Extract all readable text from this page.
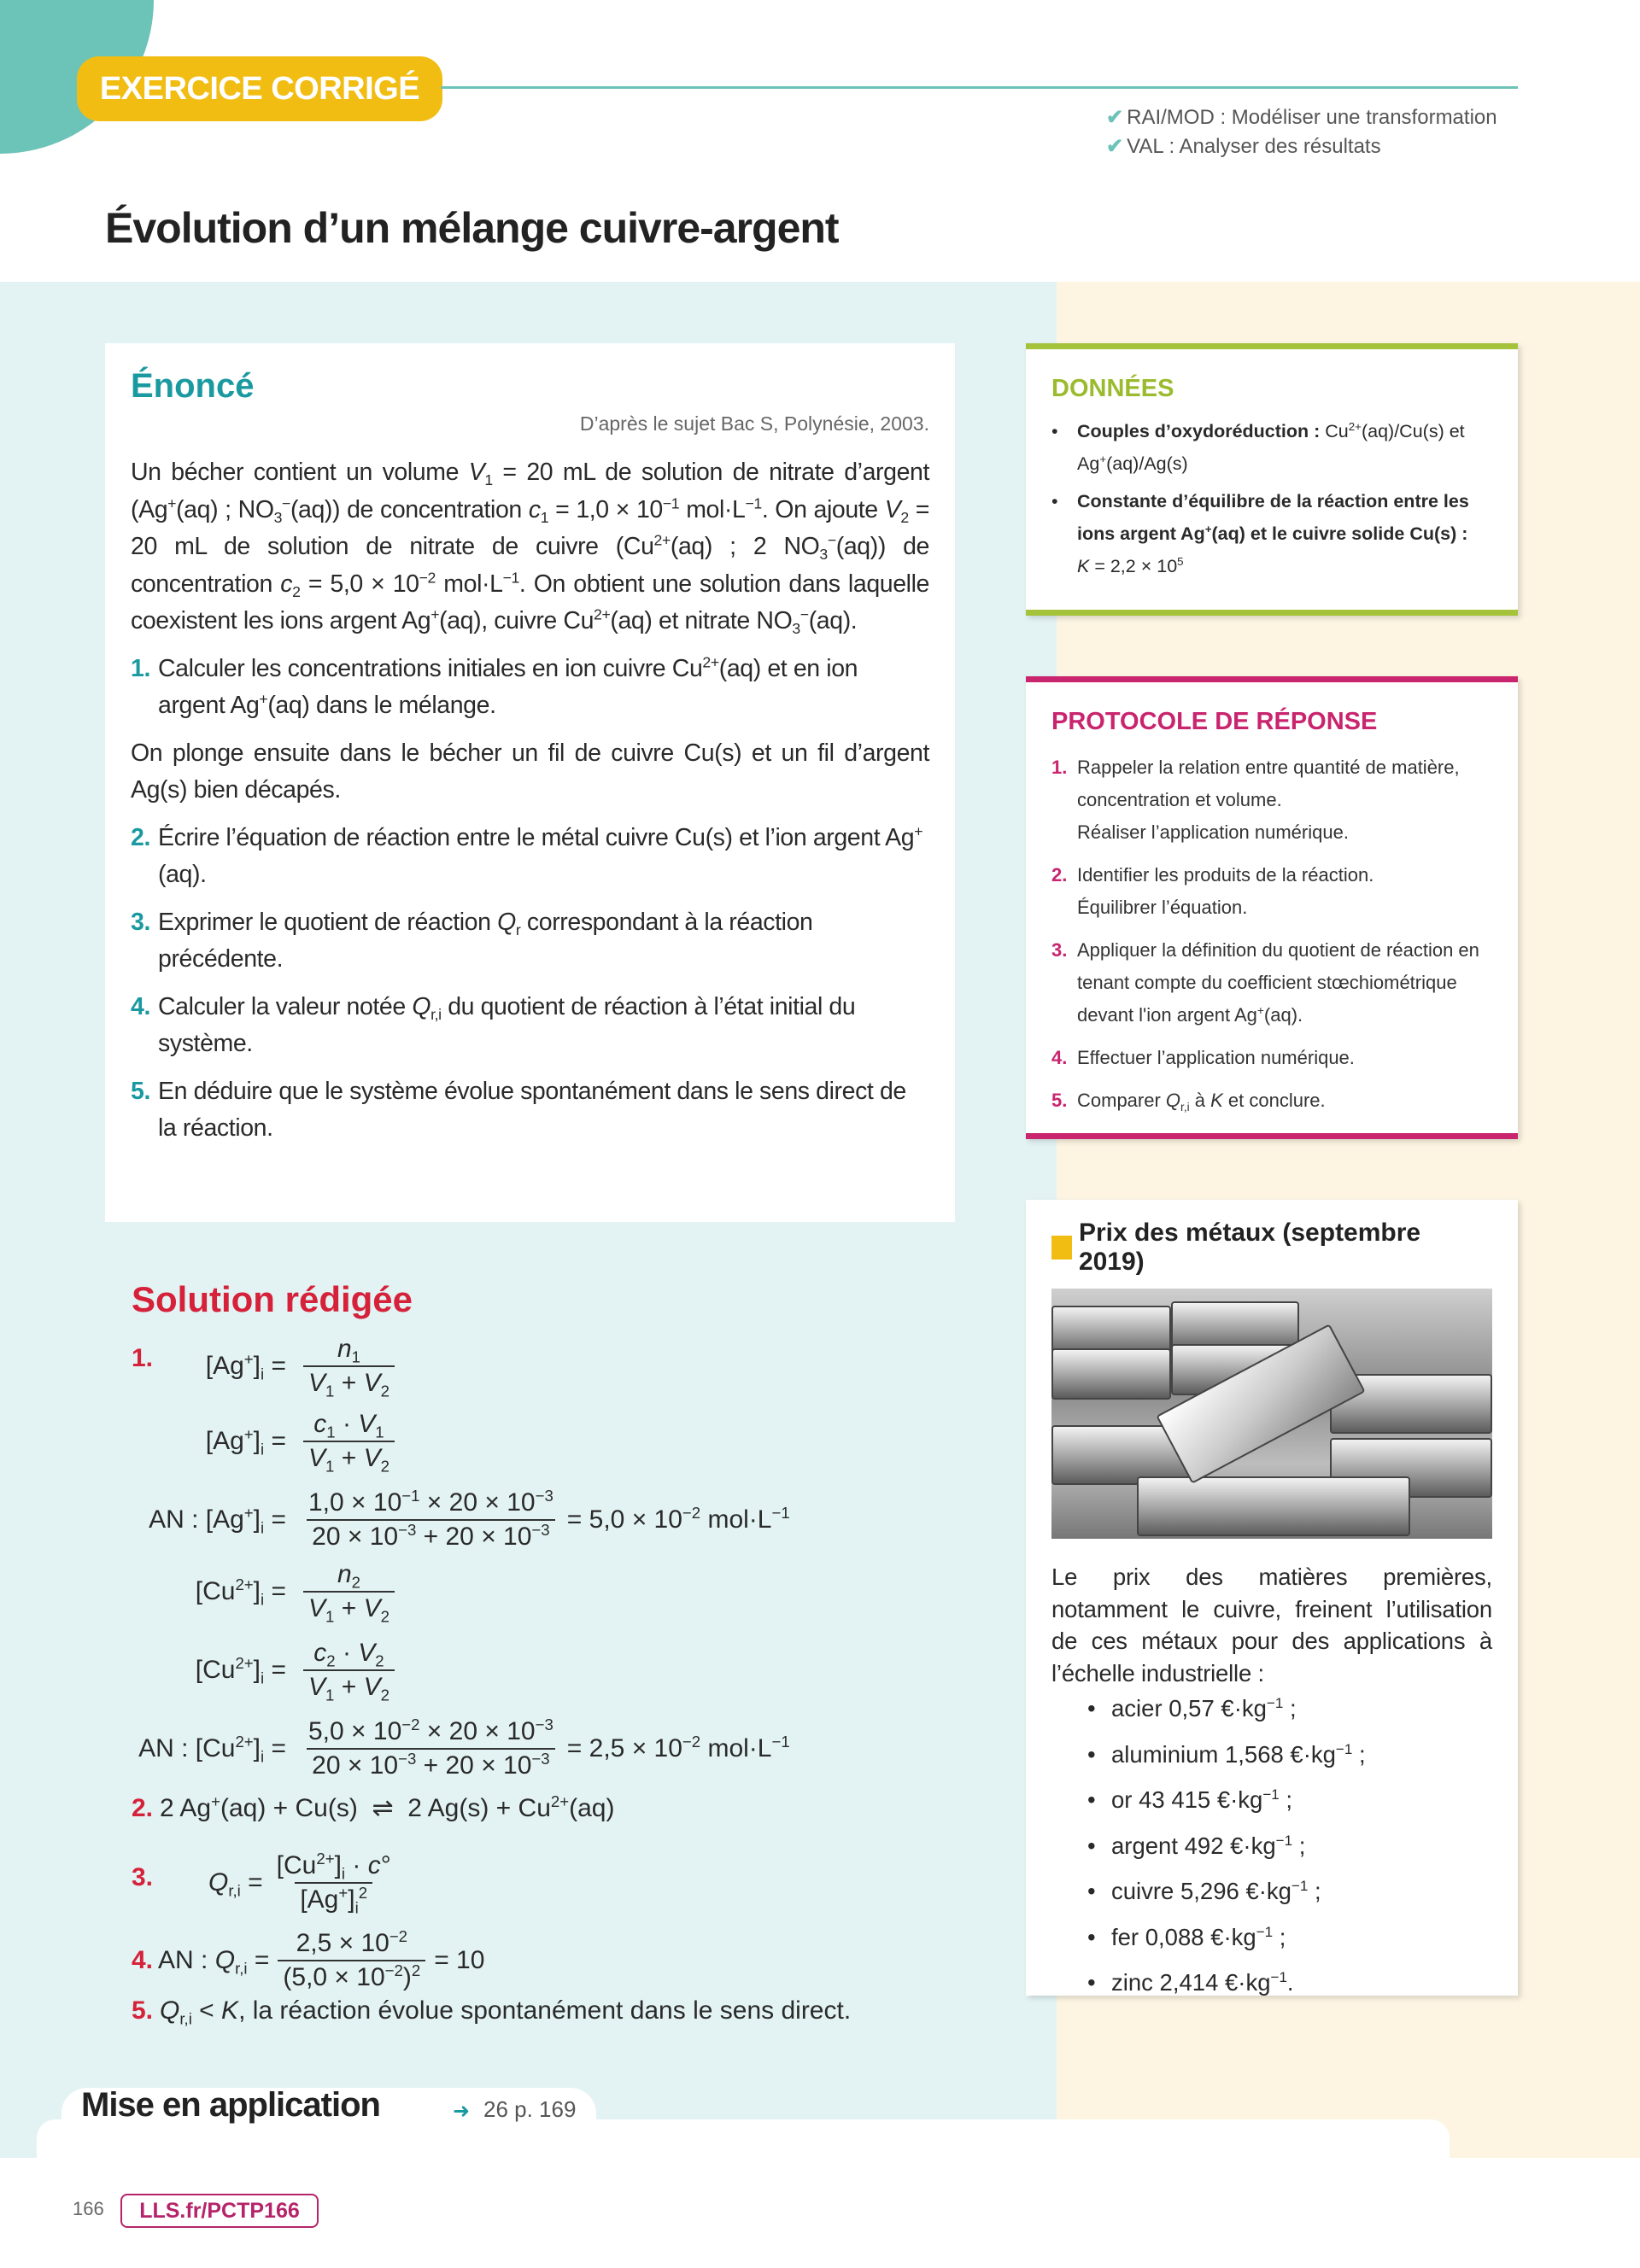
EXERCICE CORRIGÉ
✔ RAI/MOD : Modéliser une transformation
✔ VAL : Analyser des résultats
Évolution d’un mélange cuivre-argent
Énoncé
D’après le sujet Bac S, Polynésie, 2003.

Un bécher contient un volume $V_1 = 20$ mL de solution de nitrate d’argent (Ag+(aq) ; $NO_3^-(aq)$) de concentration $c_1 = 1,0 \times 10^{-1}$ $mol\cdot L^{-1}$. On ajoute $V_2 = 20$ mL de solution de nitrate de cuivre ($Cu^{2+}(aq)$ ; 2 $NO_3^-(aq)$) de concentration $c_2 = 5,0 \times 10^{-2}$ $mol\cdot L^{-1}$. On obtient une solution dans laquelle coexistent les ions argent Ag+(aq), cuivre $Cu^{2+}(aq)$ et nitrate $NO_3^-(aq)$.

1. Calculer les concentrations initiales en ion cuivre $Cu^{2+}(aq)$ et en ion argent Ag+(aq) dans le mélange.

On plonge ensuite dans le bécher un fil de cuivre Cu(s) et un fil d’argent Ag(s) bien décapés.

2. Écrire l’équation de réaction entre le métal cuivre Cu(s) et l’ion argent Ag+(aq).
3. Exprimer le quotient de réaction $Q_r$ correspondant à la réaction précédente.
4. Calculer la valeur notée $Q_{r,i}$ du quotient de réaction à l’état initial du système.
5. En déduire que le système évolue spontanément dans le sens direct de la réaction.
Solution rédigée
1. $[Ag^+]_i = \frac{n_1}{V_1 + V_2}$
$[Ag^+]_i = \frac{c_1 \cdot V_1}{V_1 + V_2}$
AN : $[Ag^+]_i = \frac{1,0 \times 10^{-1} \times 20 \times 10^{-3}}{20 \times 10^{-3} + 20 \times 10^{-3}} = 5,0 \times 10^{-2}$ $mol\cdot L^{-1}$
$[Cu^{2+}]_i = \frac{n_2}{V_1 + V_2}$
$[Cu^{2+}]_i = \frac{c_2 \cdot V_2}{V_1 + V_2}$
AN : $[Cu^{2+}]_i = \frac{5,0 \times 10^{-2} \times 20 \times 10^{-3}}{20 \times 10^{-3} + 20 \times 10^{-3}} = 2,5 \times 10^{-2}$ $mol\cdot L^{-1}$
2. 2 Ag+(aq) + Cu(s)  ⇌  2 $Ag(s) + Cu^{2+}(aq)$
3. $Q_{r,i} = \frac{[Cu^{2+}]_i \cdot c^\circ}{[Ag^+]_i^2}$
4. AN : $Q_{r,i} = \frac{2,5 \times 10^{-2}}{(5,0 \times 10^{-2})^2} = 10$
5. $Q_{r,i} < K$, la réaction évolue spontanément dans le sens direct.
DONNÉES
•	Couples d’oxydoréduction : $Cu^{2+}(aq)/Cu(s)$ et Ag+(aq)/Ag(s)
•	Constante d’équilibre de la réaction entre les ions argent Ag+(aq) et le cuivre solide Cu(s) :
$K = 2,2 \times 10^5$
PROTOCOLE DE RÉPONSE
1. Rappeler la relation entre quantité de matière, concentration et volume.
Réaliser l’application numérique.
2. Identifier les produits de la réaction.
Équilibrer l’équation.
3. Appliquer la définition du quotient de réaction en tenant compte du coefficient stœchiométrique devant l'ion argent Ag+(aq).
4. Effectuer l’application numérique.
5. Comparer $Q_{r,i}$ à K et conclure.
Prix des métaux (septembre 2019)

Le prix des matières premières, notamment le cuivre, freinent l’utilisation de ces métaux pour des applications à l’échelle industrielle :

• acier 0,57 $€\cdot kg^{-1}$ ;
• aluminium 1,568 $€\cdot kg^{-1}$ ;
• or 43 415 $€\cdot kg^{-1}$ ;
• argent 492 $€\cdot kg^{-1}$ ;
• cuivre 5,296 $€\cdot kg^{-1}$ ;
• fer 0,088 $€\cdot kg^{-1}$ ;
• zinc 2,414 $€\cdot kg^{-1}$.
Mise en application	➜ 26 p. 169
166	LLS.fr/PCTP166
